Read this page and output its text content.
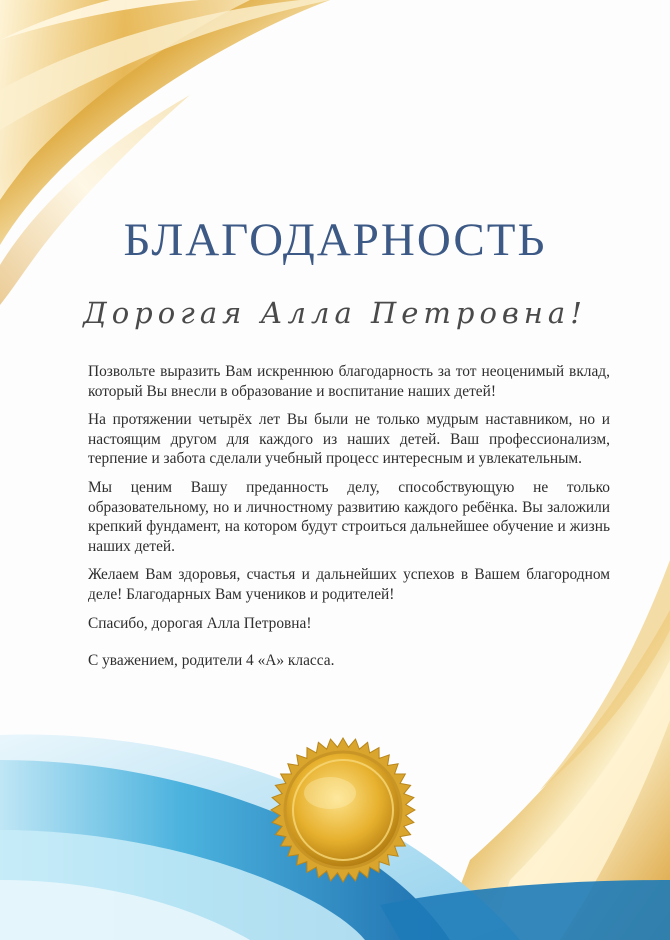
БЛАГОДАРНОСТЬ
Дорогая Алла Петровна!

Позвольте выразить Вам искреннюю благодарность за тот неоценимый вклад, который Вы внесли в образование и воспитание наших детей!

На протяжении четырёх лет Вы были не только мудрым наставником, но и настоящим другом для каждого из наших детей. Ваш профессионализм, терпение и забота сделали учебный процесс интересным и увлекательным.

Мы ценим Вашу преданность делу, способствующую не только образовательному, но и личностному развитию каждого ребёнка. Вы заложили крепкий фундамент, на котором будут строиться дальнейшее обучение и жизнь наших детей.

Желаем Вам здоровья, счастья и дальнейших успехов в Вашем благородном деле! Благодарных Вам учеников и родителей!

Спасибо, дорогая Алла Петровна!

С уважением, родители 4 «А» класса.
